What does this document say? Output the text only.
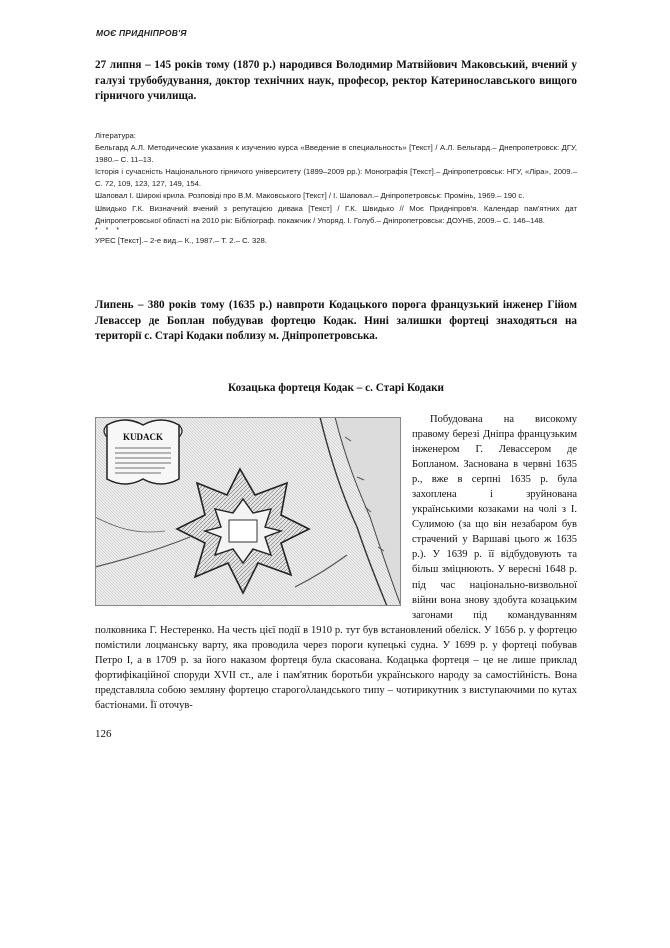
МОЄ ПРИДНІПРОВ'Я
27 липня – 145 років тому (1870 р.) народився Володимир Матвійович Маковський, вчений у галузі трубобудування, доктор технічних наук, професор, ректор Катеринославського вищого гірничого училища.

Література:

Бельгард А.Л. Методические указания к изучению курса «Введение в специальность» [Текст] / А.Л. Бельгард.– Днепропетровск: ДГУ, 1980.– С. 11–13.

Історія і сучасність Національного гірничого університету (1899–2009 рр.): Монографія [Текст].– Дніпропетровськ: НГУ, «Ліра», 2009.– С. 72, 109, 123, 127, 149, 154.

Шаповал І. Широкі крила. Розповіді про В.М. Маковського [Текст] / І. Шаповал.– Дніпропетровськ: Промінь, 1969.– 190 с.

Швидько Г.К. Визначний вчений з репутацією дивака [Текст] / Г.К. Швидько // Моє Придніпров'я. Календар пам'ятних дат Дніпропетровської області на 2010 рік: Бібліограф. покажчик / Упоряд. І. Голуб.– Дніпропетровськ: ДОУНБ, 2009.– С. 146–148.

* * *

УРЕС [Текст].– 2-е вид.– К., 1987.– Т. 2.– С. 328.

Липень – 380 років тому (1635 р.) навпроти Кодацького порога французький інженер Гійом Левассер де Боплан побудував фортецю Кодак. Нині залишки фортеці знаходяться на території с. Старі Кодаки поблизу м. Дніпропетровська.
Козацька фортеця Кодак – с. Старі Кодаки
KUDACK
Побудована на високому правому березі Дніпра французьким інженером Г. Левассером де Бопланом. Заснована в червні 1635 р., вже в серпні 1635 р. була захоплена і зруйнована українськими козаками на чолі з І. Сулимою (за що він незабаром був страчений у Варшаві цього ж 1635 р.). У 1639 р. її відбудовують та більш зміцнюють. У вересні 1648 р. під час національно-визвольної війни вона знову здобута козацьким загонами під командуванням полковника Г. Нестеренко. На честь цієї події в 1910 р. тут був встановлений обеліск. У 1656 р. у фортецю помістили лоцманську варту, яка проводила через пороги купецькі судна. У 1699 р. у фортеці побував Петро І, а в 1709 р. за його наказом фортеця була скасована. Кодацька фортеця – це не лише приклад фортифікаційної споруди XVII ст., але і пам'ятник боротьби українського народу за самостійність. Вона представляла собою земляну фортецю старогολландського типу – чотирикутник з виступаючими по кутах бастіонами. Її оточув-
126
